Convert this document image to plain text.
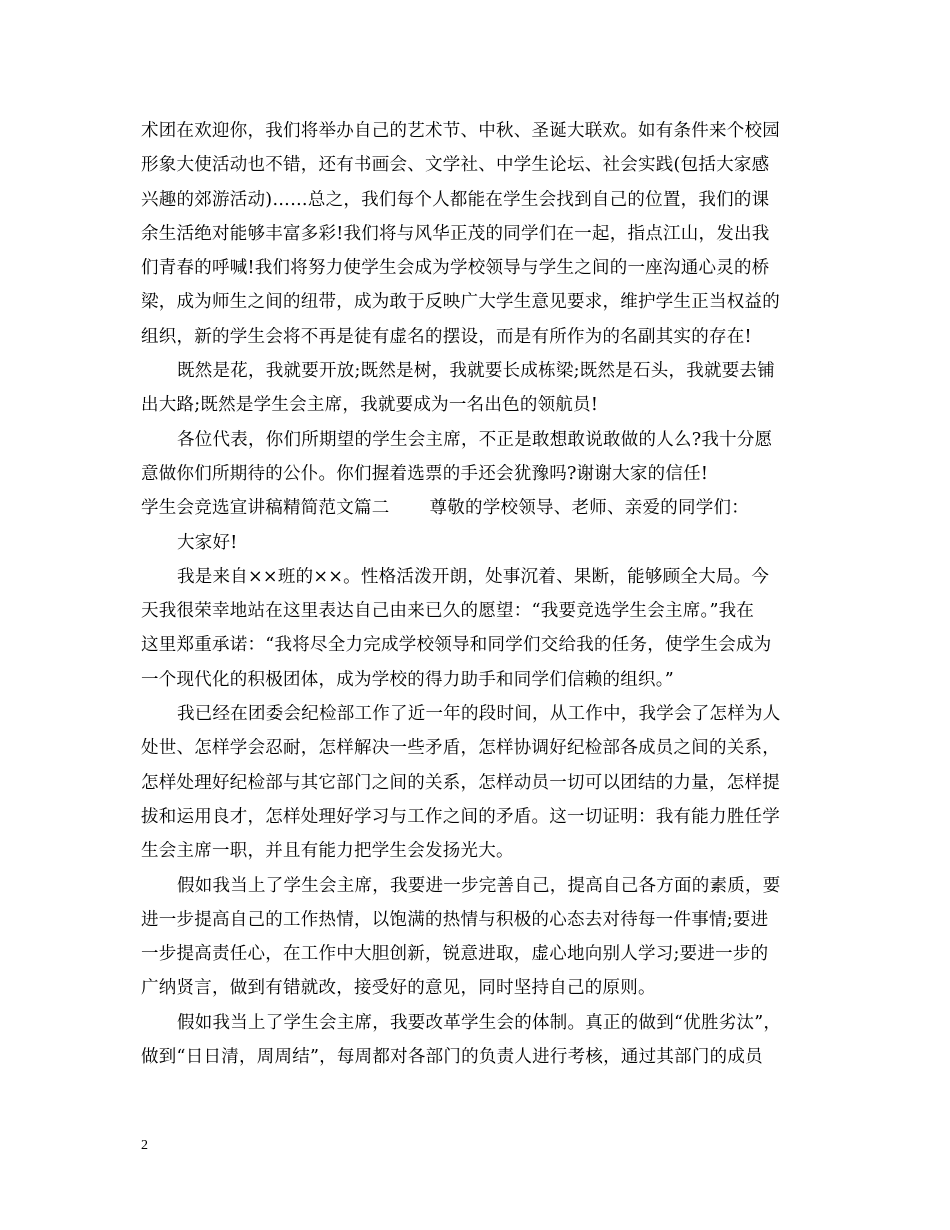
术团在欢迎你，我们将举办自己的艺术节、中秋、圣诞大联欢。如有条件来个校园
形象大使活动也不错，还有书画会、文学社、中学生论坛、社会实践(包括大家感
兴趣的郊游活动)……总之，我们每个人都能在学生会找到自己的位置，我们的课
余生活绝对能够丰富多彩!我们将与风华正茂的同学们在一起，指点江山，发出我
们青春的呼喊!我们将努力使学生会成为学校领导与学生之间的一座沟通心灵的桥
梁，成为师生之间的纽带，成为敢于反映广大学生意见要求，维护学生正当权益的
组织，新的学生会将不再是徒有虚名的摆设，而是有所作为的名副其实的存在!
既然是花，我就要开放;既然是树，我就要长成栋梁;既然是石头，我就要去铺
出大路;既然是学生会主席，我就要成为一名出色的领航员!
各位代表，你们所期望的学生会主席，不正是敢想敢说敢做的人么?我十分愿
意做你们所期待的公仆。你们握着选票的手还会犹豫吗?谢谢大家的信任!
学生会竞选宣讲稿精简范文篇二 尊敬的学校领导、老师、亲爱的同学们：
大家好!
我是来自××班的××。性格活泼开朗，处事沉着、果断，能够顾全大局。今
天我很荣幸地站在这里表达自己由来已久的愿望：“我要竞选学生会主席。”我在
这里郑重承诺：“我将尽全力完成学校领导和同学们交给我的任务，使学生会成为
一个现代化的积极团体，成为学校的得力助手和同学们信赖的组织。”
我已经在团委会纪检部工作了近一年的段时间，从工作中，我学会了怎样为人
处世、怎样学会忍耐，怎样解决一些矛盾，怎样协调好纪检部各成员之间的关系，
怎样处理好纪检部与其它部门之间的关系，怎样动员一切可以团结的力量，怎样提
拔和运用良才，怎样处理好学习与工作之间的矛盾。这一切证明：我有能力胜任学
生会主席一职，并且有能力把学生会发扬光大。
假如我当上了学生会主席，我要进一步完善自己，提高自己各方面的素质，要
进一步提高自己的工作热情，以饱满的热情与积极的心态去对待每一件事情;要进
一步提高责任心，在工作中大胆创新，锐意进取，虚心地向别人学习;要进一步的
广纳贤言，做到有错就改，接受好的意见，同时坚持自己的原则。
假如我当上了学生会主席，我要改革学生会的体制。真正的做到“优胜劣汰”，
做到“日日清，周周结”，每周都对各部门的负责人进行考核，通过其部门的成员
2
